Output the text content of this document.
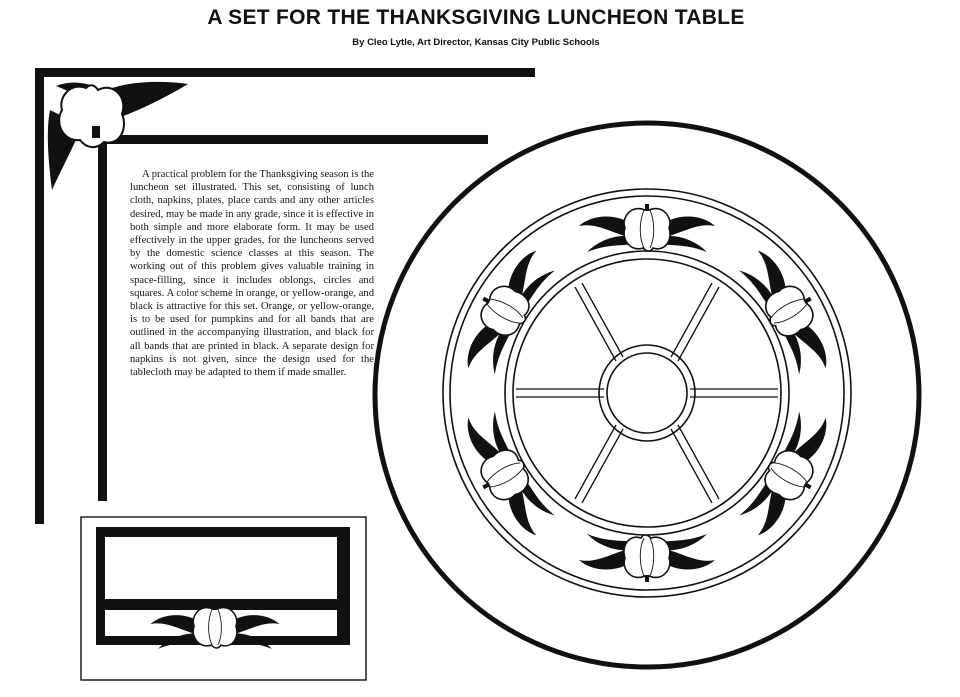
A SET FOR THE THANKSGIVING LUNCHEON TABLE
By Cleo Lytle, Art Director, Kansas City Public Schools

A practical problem for the Thanksgiving season is the luncheon set illustrated. This set, consisting of lunch cloth, napkins, plates, place cards and any other articles desired, may be made in any grade, since it is effective in both simple and more elaborate form. It may be used effectively in the upper grades, for the luncheons served by the domestic science classes at this season. The working out of this problem gives valuable training in space-filling, since it includes oblongs, circles and squares. A color scheme in orange, or yellow-orange, and black is attractive for this set. Orange, or yellow-orange, is to be used for pumpkins and for all bands that are outlined in the accompanying illustration, and black for all bands that are printed in black. A separate design for napkins is not given, since the design used for the tablecloth may be adapted to them if made smaller.
